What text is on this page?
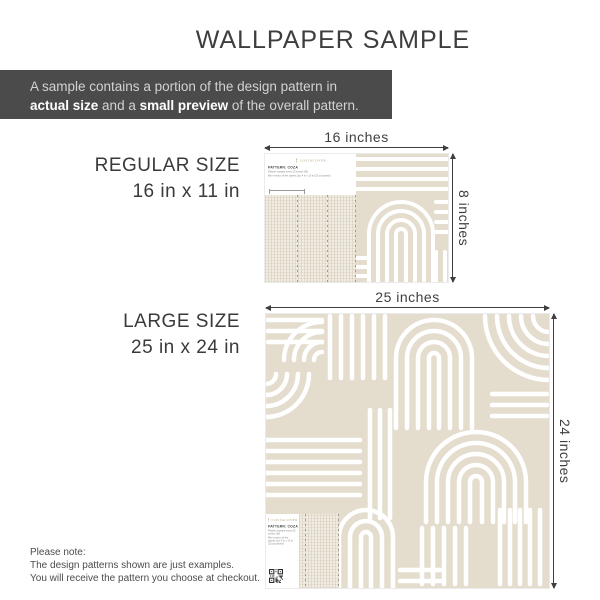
WALLPAPER SAMPLE
A sample contains a portion of the design pattern in
actual size and a small preview of the overall pattern.
REGULAR SIZE
16 in x 11 in
16 inches
8 inches
COSTACOVER
PATTERN: COZA
Pattern repeats every 25 inches (W)
Mini version of the panels 2pc 4 in x 13 in (25 yd panels)
LARGE SIZE
25 in x 24 in
25 inches
24 inches
COSTACOVER
PATTERN: COZA
Pattern repeats every 25 inches (W)
Mini version of the panels 2pc 4 in x 13 in (25 yd panels)
Please note:
The design patterns shown are just examples.
You will receive the pattern you choose at checkout.
